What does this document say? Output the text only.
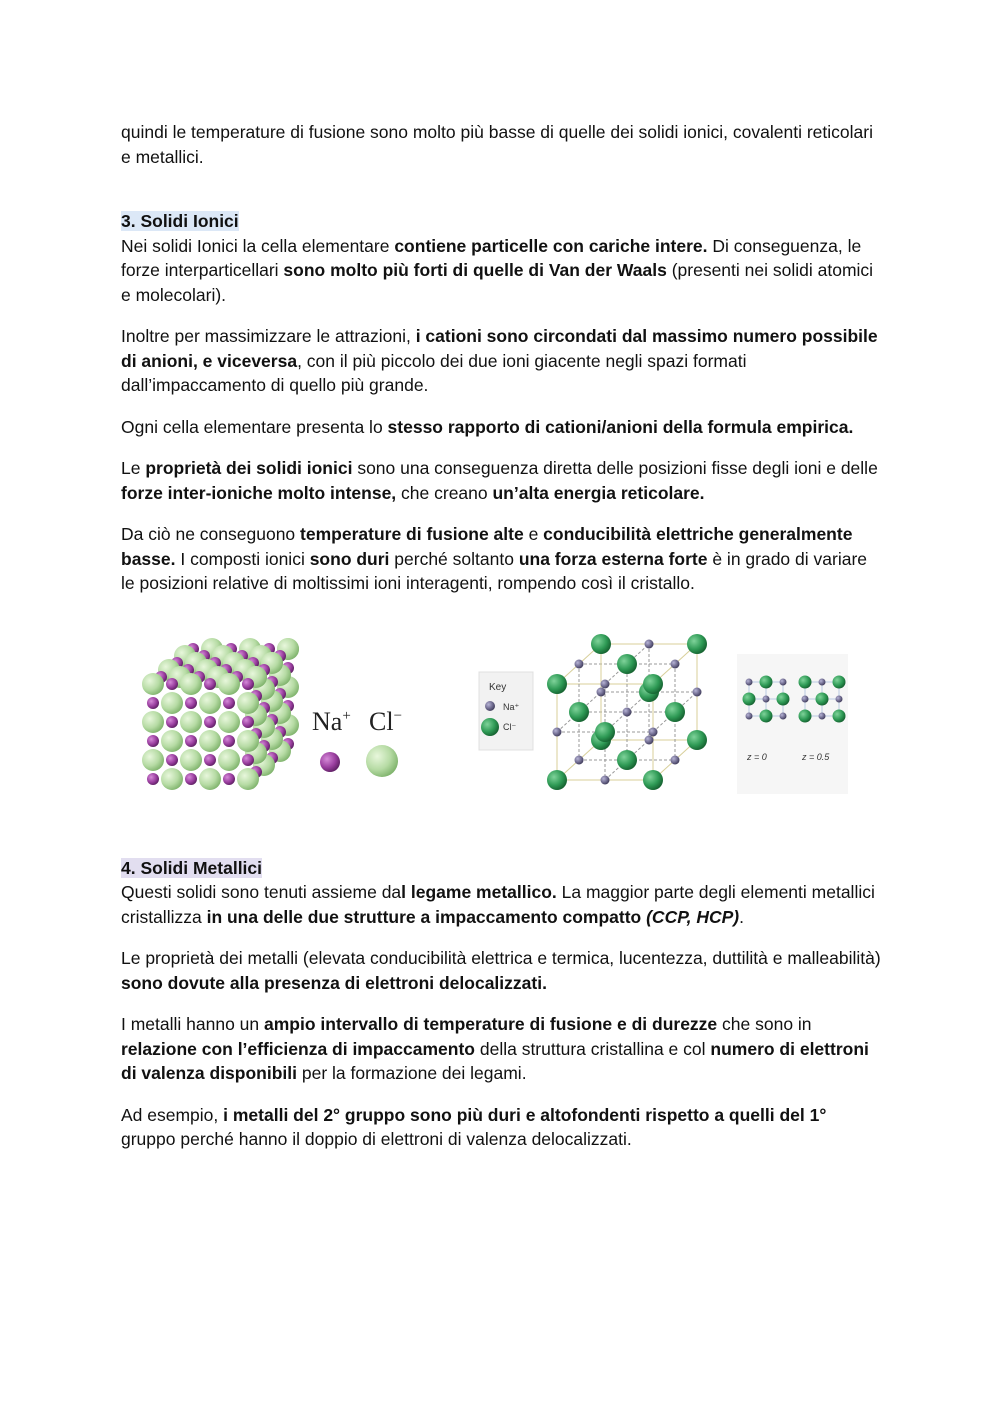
quindi le temperature di fusione sono molto più basse di quelle dei solidi ionici, covalenti reticolari e metallici.

3. Solidi Ionici

Nei solidi Ionici la cella elementare contiene particelle con cariche intere. Di conseguenza, le forze interparticellari sono molto più forti di quelle di Van der Waals (presenti nei solidi atomici e molecolari).

Inoltre per massimizzare le attrazioni, i cationi sono circondati dal massimo numero possibile di anioni, e viceversa, con il più piccolo dei due ioni giacente negli spazi formati dall’impaccamento di quello più grande.

Ogni cella elementare presenta lo stesso rapporto di cationi/anioni della formula empirica.

Le proprietà dei solidi ionici sono una conseguenza diretta delle posizioni fisse degli ioni e delle forze inter-ioniche molto intense, che creano un’alta energia reticolare.

Da ciò ne conseguono temperature di fusione alte e conducibilità elettriche generalmente basse. I composti ionici sono duri perché soltanto una forza esterna forte è in grado di variare le posizioni relative di moltissimi ioni interagenti, rompendo così il cristallo.

Na+ Cl−
Key
Na⁺
Cl⁻
z = 0	z = 0.5

4. Solidi Metallici

Questi solidi sono tenuti assieme dal legame metallico. La maggior parte degli elementi metallici cristallizza in una delle due strutture a impaccamento compatto (CCP, HCP).

Le proprietà dei metalli (elevata conducibilità elettrica e termica, lucentezza, duttilità e malleabilità) sono dovute alla presenza di elettroni delocalizzati.

I metalli hanno un ampio intervallo di temperature di fusione e di durezze che sono in relazione con l’efficienza di impaccamento della struttura cristallina e col numero di elettroni di valenza disponibili per la formazione dei legami.

Ad esempio, i metalli del 2° gruppo sono più duri e altofondenti rispetto a quelli del 1° gruppo perché hanno il doppio di elettroni di valenza delocalizzati.
